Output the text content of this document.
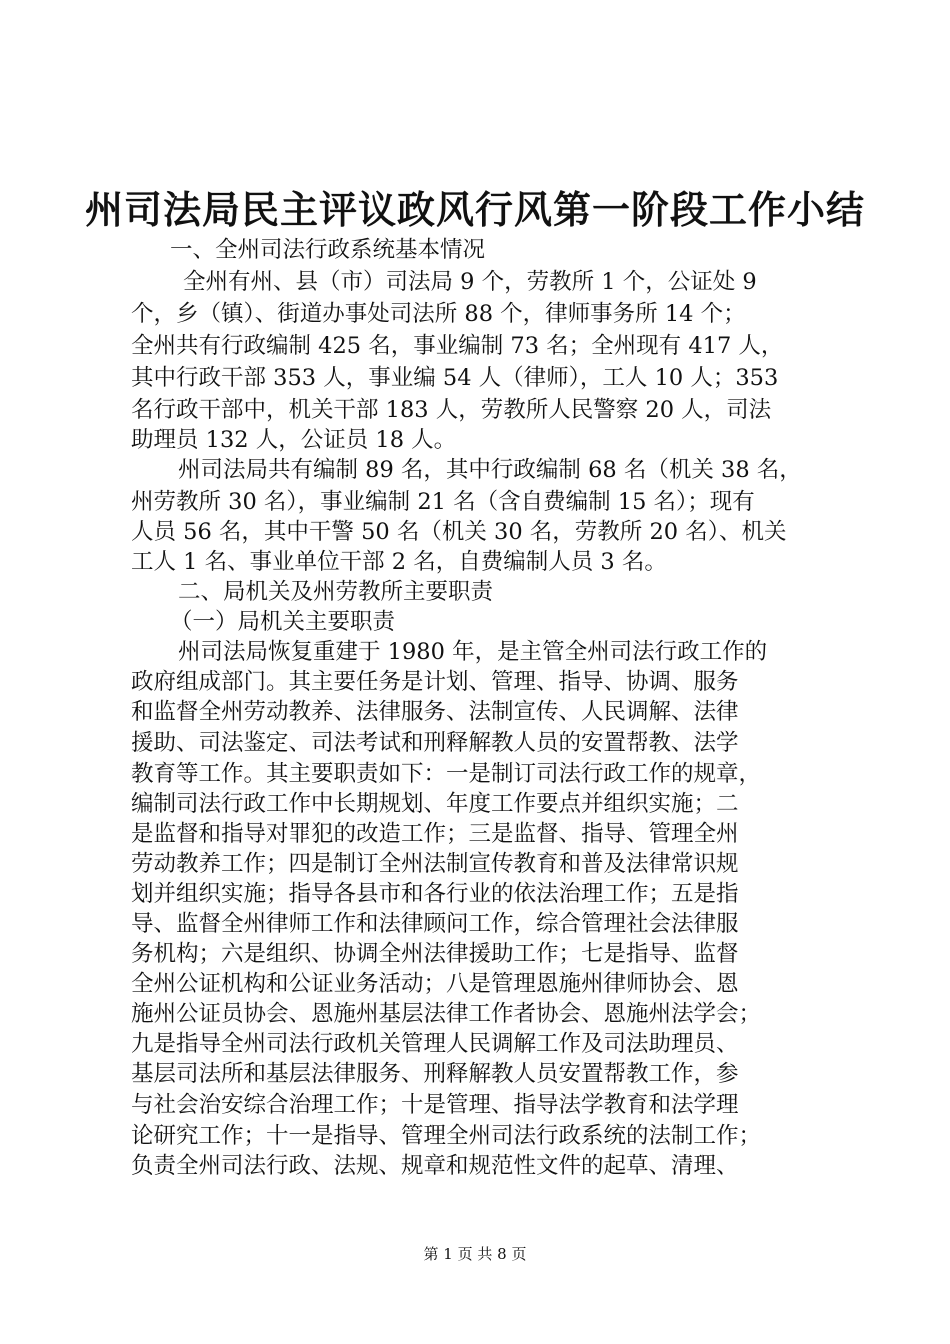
州司法局民主评议政风行风第一阶段工作小结
一、全州司法行政系统基本情况
全州有州、县（市）司法局 9 个，劳教所 1 个，公证处 9
个，乡（镇）、街道办事处司法所 88 个，律师事务所 14 个；
全州共有行政编制 425 名，事业编制 73 名；全州现有 417 人，
其中行政干部 353 人，事业编 54 人（律师），工人 10 人；353
名行政干部中，机关干部 183 人，劳教所人民警察 20 人，司法
助理员 132 人，公证员 18 人。
州司法局共有编制 89 名，其中行政编制 68 名（机关 38 名，
州劳教所 30 名），事业编制 21 名（含自费编制 15 名）；现有
人员 56 名，其中干警 50 名（机关 30 名，劳教所 20 名）、机关
工人 1 名、事业单位干部 2 名，自费编制人员 3 名。
二、局机关及州劳教所主要职责
（一）局机关主要职责
州司法局恢复重建于 1980 年，是主管全州司法行政工作的
政府组成部门。其主要任务是计划、管理、指导、协调、服务
和监督全州劳动教养、法律服务、法制宣传、人民调解、法律
援助、司法鉴定、司法考试和刑释解教人员的安置帮教、法学
教育等工作。其主要职责如下：一是制订司法行政工作的规章，
编制司法行政工作中长期规划、年度工作要点并组织实施；二
是监督和指导对罪犯的改造工作；三是监督、指导、管理全州
劳动教养工作；四是制订全州法制宣传教育和普及法律常识规
划并组织实施；指导各县市和各行业的依法治理工作；五是指
导、监督全州律师工作和法律顾问工作，综合管理社会法律服
务机构；六是组织、协调全州法律援助工作；七是指导、监督
全州公证机构和公证业务活动；八是管理恩施州律师协会、恩
施州公证员协会、恩施州基层法律工作者协会、恩施州法学会；
九是指导全州司法行政机关管理人民调解工作及司法助理员、
基层司法所和基层法律服务、刑释解教人员安置帮教工作，参
与社会治安综合治理工作；十是管理、指导法学教育和法学理
论研究工作；十一是指导、管理全州司法行政系统的法制工作；
负责全州司法行政、法规、规章和规范性文件的起草、清理、
第 1 页 共 8 页
